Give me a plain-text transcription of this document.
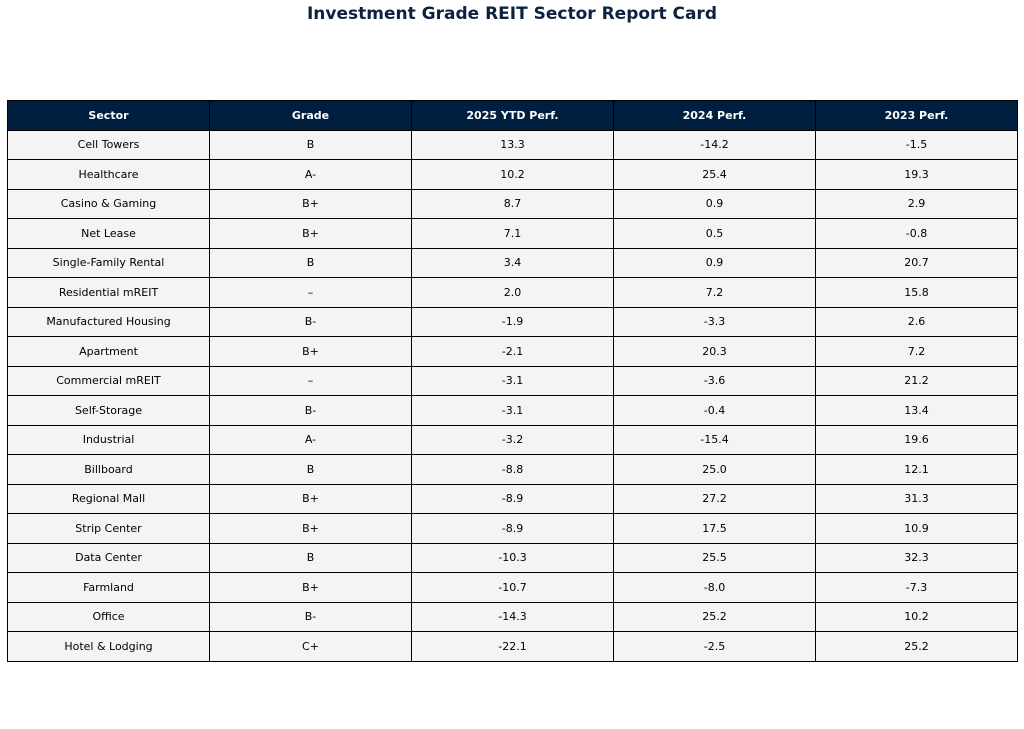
Investment Grade REIT Sector Report Card
Sector	Grade	2025 YTD Perf.	2024 Perf.	2023 Perf.
Cell Towers	B	13.3	-14.2	-1.5
Healthcare	A-	10.2	25.4	19.3
Casino & Gaming	B+	8.7	0.9	2.9
Net Lease	B+	7.1	0.5	-0.8
Single-Family Rental	B	3.4	0.9	20.7
Residential mREIT	–	2.0	7.2	15.8
Manufactured Housing	B-	-1.9	-3.3	2.6
Apartment	B+	-2.1	20.3	7.2
Commercial mREIT	–	-3.1	-3.6	21.2
Self-Storage	B-	-3.1	-0.4	13.4
Industrial	A-	-3.2	-15.4	19.6
Billboard	B	-8.8	25.0	12.1
Regional Mall	B+	-8.9	27.2	31.3
Strip Center	B+	-8.9	17.5	10.9
Data Center	B	-10.3	25.5	32.3
Farmland	B+	-10.7	-8.0	-7.3
Office	B-	-14.3	25.2	10.2
Hotel & Lodging	C+	-22.1	-2.5	25.2
